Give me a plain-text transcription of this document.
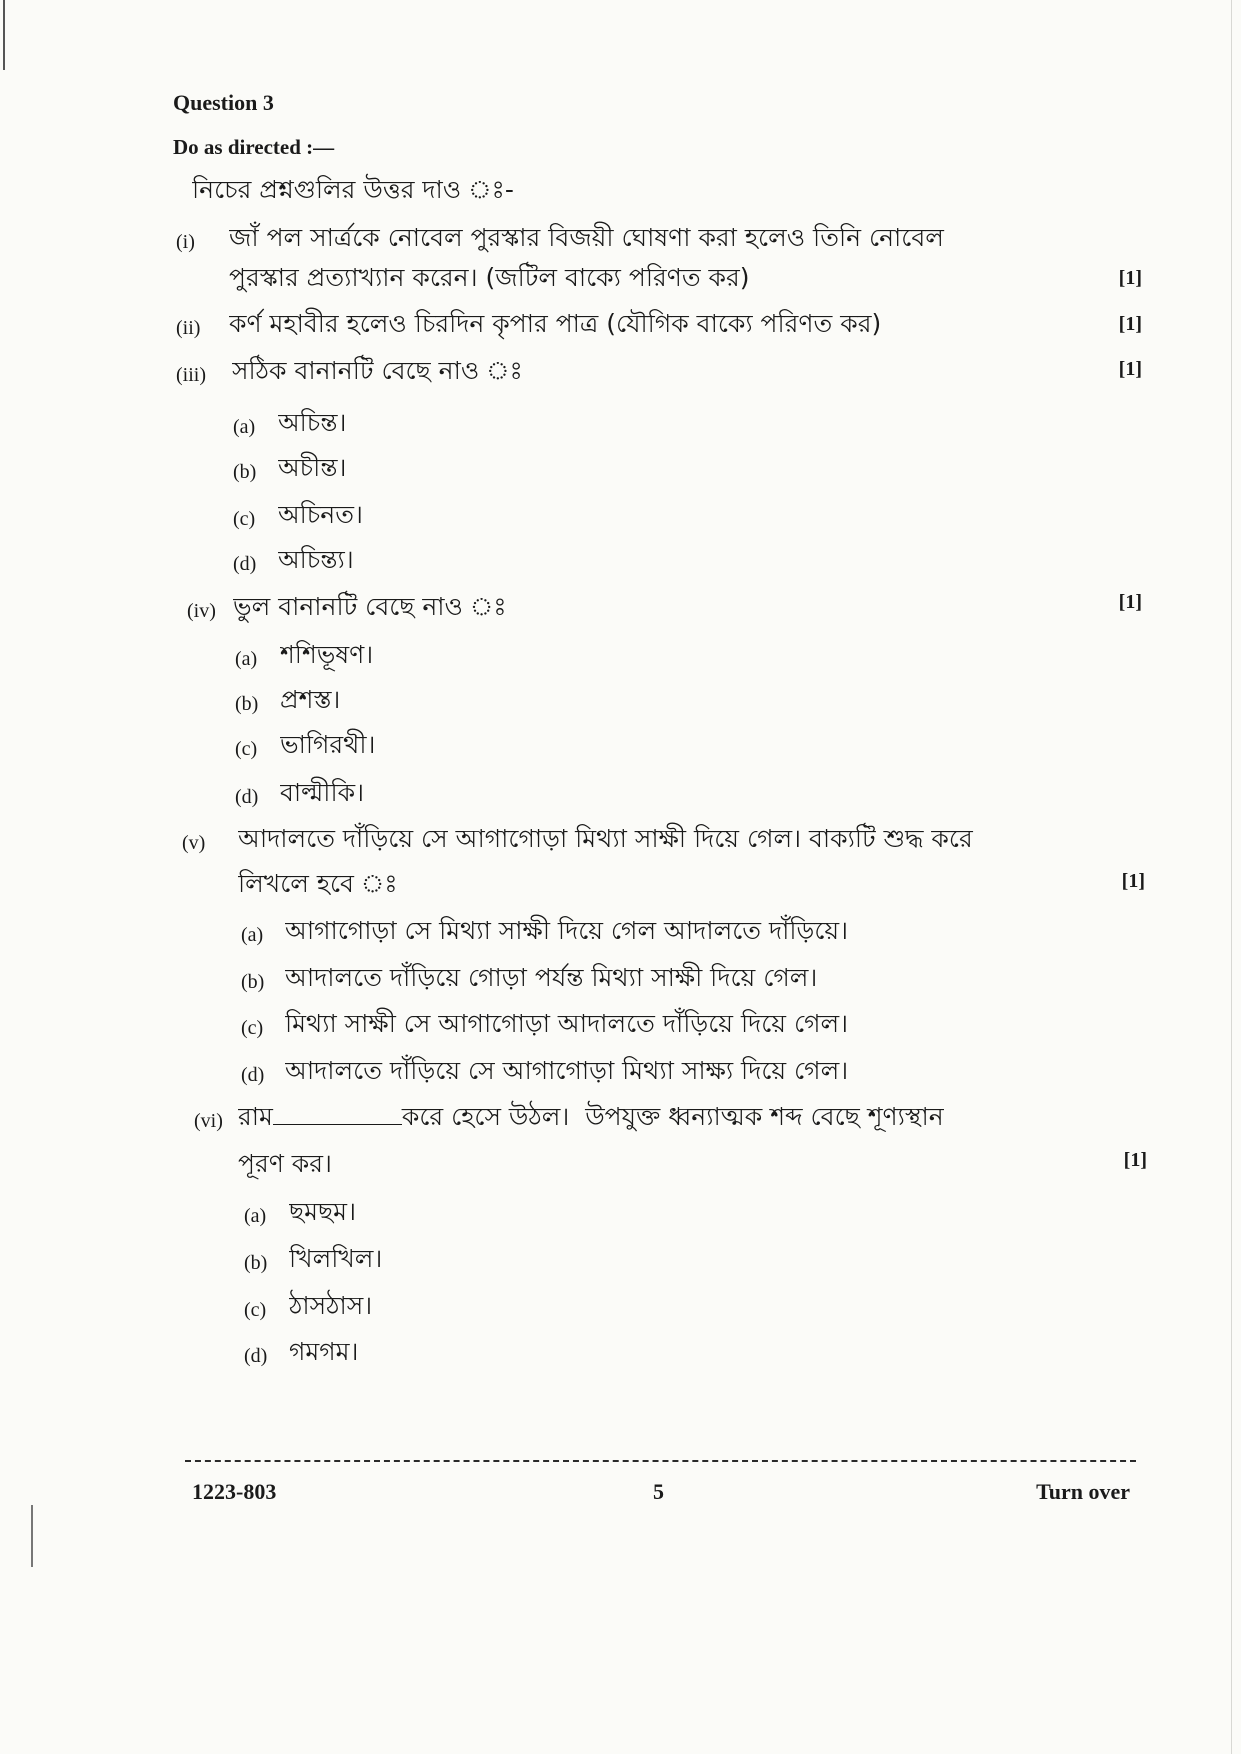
Question 3
Do as directed :—
নিচের প্রশ্নগুলির উত্তর দাও ঃ-
(i) জাঁ পল সার্ত্রকে নোবেল পুরস্কার বিজয়ী ঘোষণা করা হলেও তিনি নোবেল
পুরস্কার প্রত্যাখ্যান করেন। (জটিল বাক্যে পরিণত কর)	[1]
(ii) কর্ণ মহাবীর হলেও চিরদিন কৃপার পাত্র (যৌগিক বাক্যে পরিণত কর)	[1]
(iii) সঠিক বানানটি বেছে নাও ঃ	[1]
(a) অচিন্ত।
(b) অচীন্ত।
(c) অচিনত।
(d) অচিন্ত্য।
(iv) ভুল বানানটি বেছে নাও ঃ	[1]
(a) শশিভূষণ।
(b) প্রশস্ত।
(c) ভাগিরথী।
(d) বাল্মীকি।
(v) আদালতে দাঁড়িয়ে সে আগাগোড়া মিথ্যা সাক্ষী দিয়ে গেল। বাক্যটি শুদ্ধ করে
লিখলে হবে ঃ	[1]
(a) আগাগোড়া সে মিথ্যা সাক্ষী দিয়ে গেল আদালতে দাঁড়িয়ে।
(b) আদালতে দাঁড়িয়ে গোড়া পর্যন্ত মিথ্যা সাক্ষী দিয়ে গেল।
(c) মিথ্যা সাক্ষী সে আগাগোড়া আদালতে দাঁড়িয়ে দিয়ে গেল।
(d) আদালতে দাঁড়িয়ে সে আগাগোড়া মিথ্যা সাক্ষ্য দিয়ে গেল।
(vi) রাম	করে হেসে উঠল।  উপযুক্ত ধ্বন্যাত্মক শব্দ বেছে শূণ্যস্থান
পূরণ কর।	[1]
(a) ছমছম।
(b) খিলখিল।
(c) ঠাসঠাস।
(d) গমগম।
1223-803	5	Turn over
